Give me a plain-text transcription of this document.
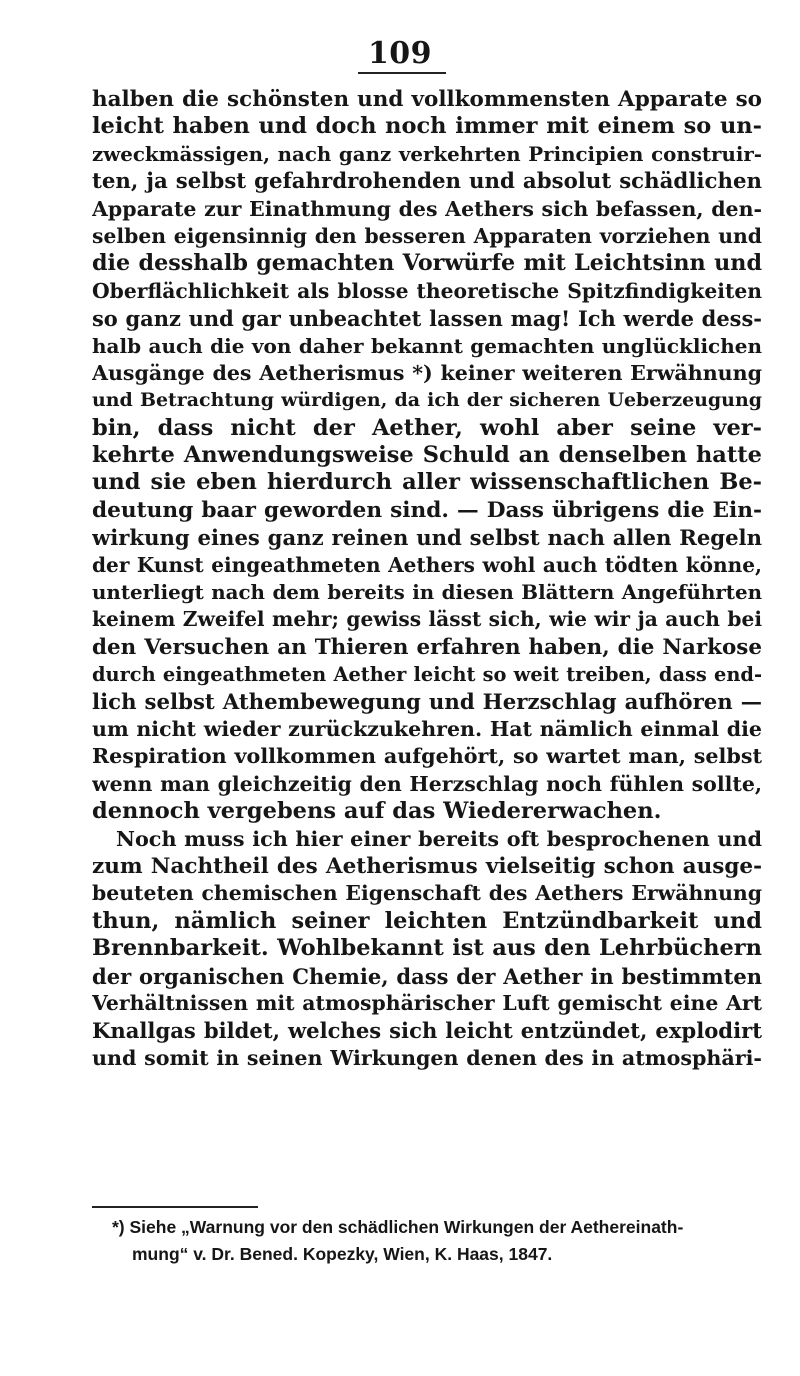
109
halben die schönsten und vollkommensten Apparate so
leicht haben und doch noch immer mit einem so un-
zweckmässigen, nach ganz verkehrten Principien construir-
ten, ja selbst gefahrdrohenden und absolut schädlichen
Apparate zur Einathmung des Aethers sich befassen, den-
selben eigensinnig den besseren Apparaten vorziehen und
die desshalb gemachten Vorwürfe mit Leichtsinn und
Oberflächlichkeit als blosse theoretische Spitzfindigkeiten
so ganz und gar unbeachtet lassen mag! Ich werde dess-
halb auch die von daher bekannt gemachten unglücklichen
Ausgänge des Aetherismus *) keiner weiteren Erwähnung
und Betrachtung würdigen, da ich der sicheren Ueberzeugung
bin, dass nicht der Aether, wohl aber seine ver-
kehrte Anwendungsweise Schuld an denselben hatte
und sie eben hierdurch aller wissenschaftlichen Be-
deutung baar geworden sind. — Dass übrigens die Ein-
wirkung eines ganz reinen und selbst nach allen Regeln
der Kunst eingeathmeten Aethers wohl auch tödten könne,
unterliegt nach dem bereits in diesen Blättern Angeführten
keinem Zweifel mehr; gewiss lässt sich, wie wir ja auch bei
den Versuchen an Thieren erfahren haben, die Narkose
durch eingeathmeten Aether leicht so weit treiben, dass end-
lich selbst Athembewegung und Herzschlag aufhören —
um nicht wieder zurückzukehren. Hat nämlich einmal die
Respiration vollkommen aufgehört, so wartet man, selbst
wenn man gleichzeitig den Herzschlag noch fühlen sollte,
dennoch vergebens auf das Wiedererwachen.
Noch muss ich hier einer bereits oft besprochenen und
zum Nachtheil des Aetherismus vielseitig schon ausge-
beuteten chemischen Eigenschaft des Aethers Erwähnung
thun, nämlich seiner leichten Entzündbarkeit und
Brennbarkeit. Wohlbekannt ist aus den Lehrbüchern
der organischen Chemie, dass der Aether in bestimmten
Verhältnissen mit atmosphärischer Luft gemischt eine Art
Knallgas bildet, welches sich leicht entzündet, explodirt
und somit in seinen Wirkungen denen des in atmosphäri-
*) Siehe „Warnung vor den schädlichen Wirkungen der Aethereinath-
mung“ v. Dr. Bened. Kopezky, Wien, K. Haas, 1847.
